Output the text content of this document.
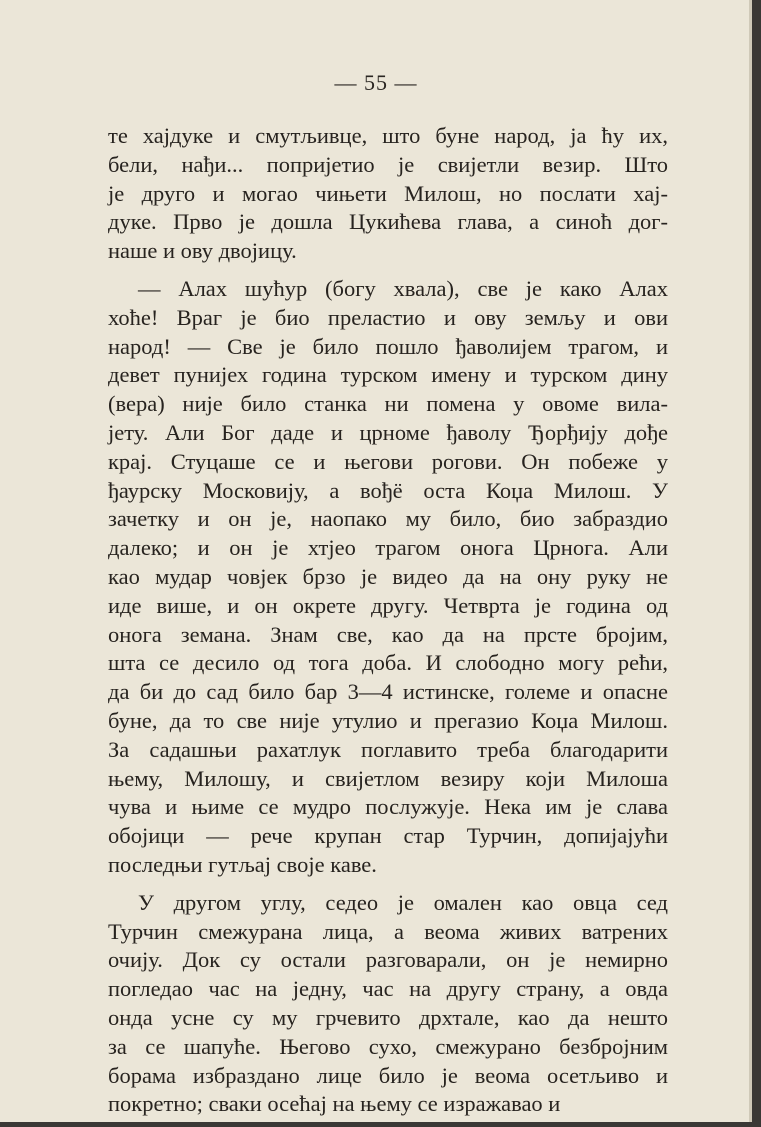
— 55 —
те хајдуке и смутљивце, што буне народ, ја ћу их,
бели, нађи... попријетио је свијетли везир. Што
је друго и могао чињети Милош, но послати хај-
дуке. Прво је дошла Цукићева глава, а синоћ дог-
наше и ову двојицу.
— Алах шућур (богу хвала), све је како Алах
хоће! Враг је био преластио и ову земљу и ови
народ! — Све је било пошло ђаволијем трагом, и
девет пунијех година турском имену и турском дину
(вера) није било станка ни помена у овоме вила-
јету. Али Бог даде и црноме ђаволу Ђорђију дође
крај. Стуцаше се и његови рогови. Он побеже у
ђаурску Московију, а вођё оста Коџа Милош. У
зачетку и он је, наопако му било, био забраздио
далеко; и он је хтјео трагом онога Црнога. Али
као мудар човјек брзо је видео да на ону руку не
иде више, и он окрете другу. Четврта је година од
онога земана. Знам све, као да на прсте бројим,
шта се десило од тога доба. И слободно могу рећи,
да би до сад било бар 3—4 истинске, големе и опасне
буне, да то све није утулио и прегазио Коџа Милош.
За садашњи рахатлук поглавито треба благодарити
њему, Милошу, и свијетлом везиру који Милоша
чува и њиме се мудро послужује. Нека им је слава
обојици — рече крупан стар Турчин, допијајући
последњи гутљај своје каве.
У другом углу, седео је омален као овца сед
Турчин смежурана лица, а веома живих ватрених
очију. Док су остали разговарали, он је немирно
погледао час на једну, час на другу страну, а овда
онда усне су му грчевито дрхтале, као да нешто
за се шапуће. Његово сухо, смежурано безбројним
борама избраздано лице било је веома осетљиво и
покретно; сваки осећај на њему се изражавао и
